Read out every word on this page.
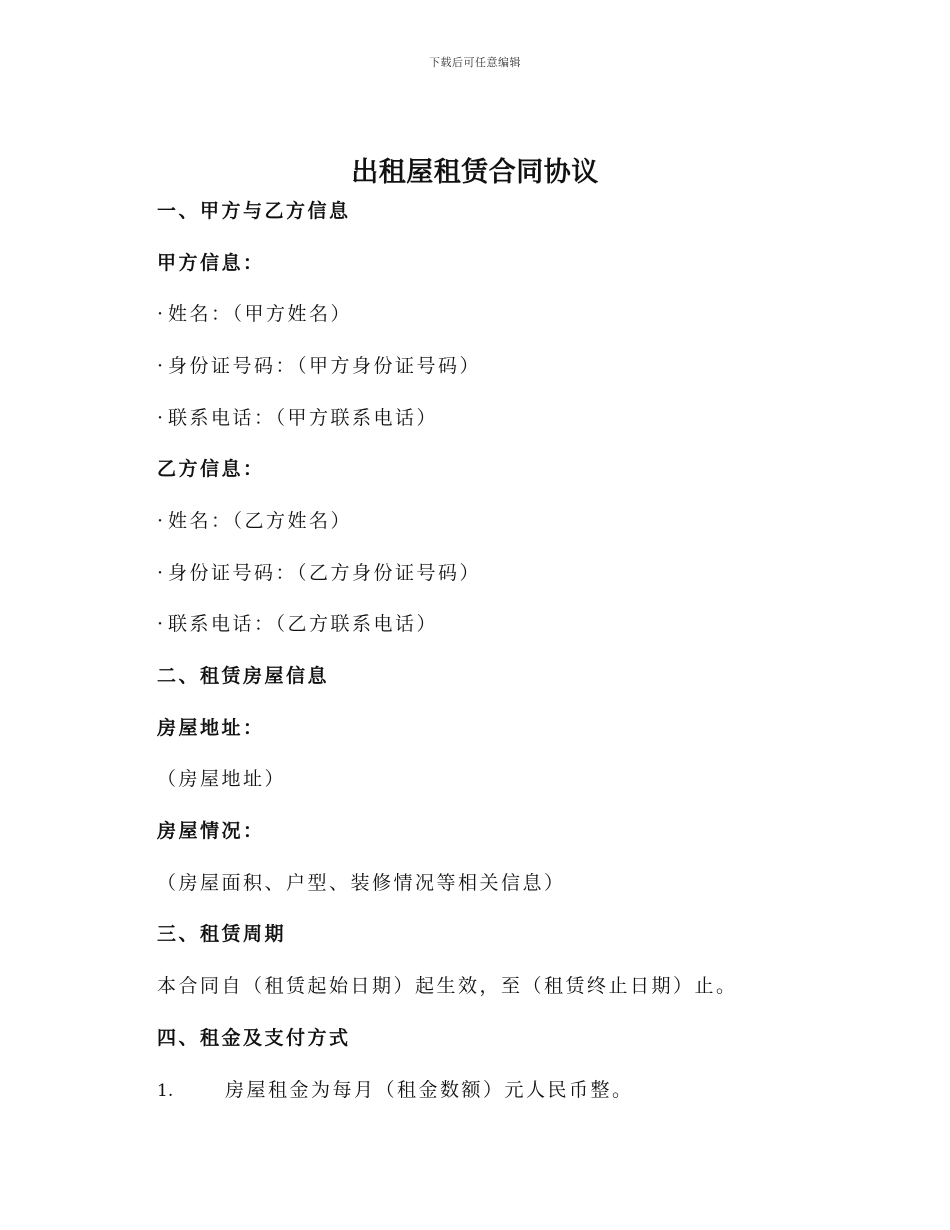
下载后可任意编辑
出租屋租赁合同协议
一、甲方与乙方信息
甲方信息：
· 姓名：（甲方姓名）
· 身份证号码：（甲方身份证号码）
· 联系电话：（甲方联系电话）
乙方信息：
· 姓名：（乙方姓名）
· 身份证号码：（乙方身份证号码）
· 联系电话：（乙方联系电话）
二、租赁房屋信息
房屋地址：
（房屋地址）
房屋情况：
（房屋面积、户型、装修情况等相关信息）
三、租赁周期
本合同自（租赁起始日期）起生效，至（租赁终止日期）止。
四、租金及支付方式
1.	房屋租金为每月（租金数额）元人民币整。
